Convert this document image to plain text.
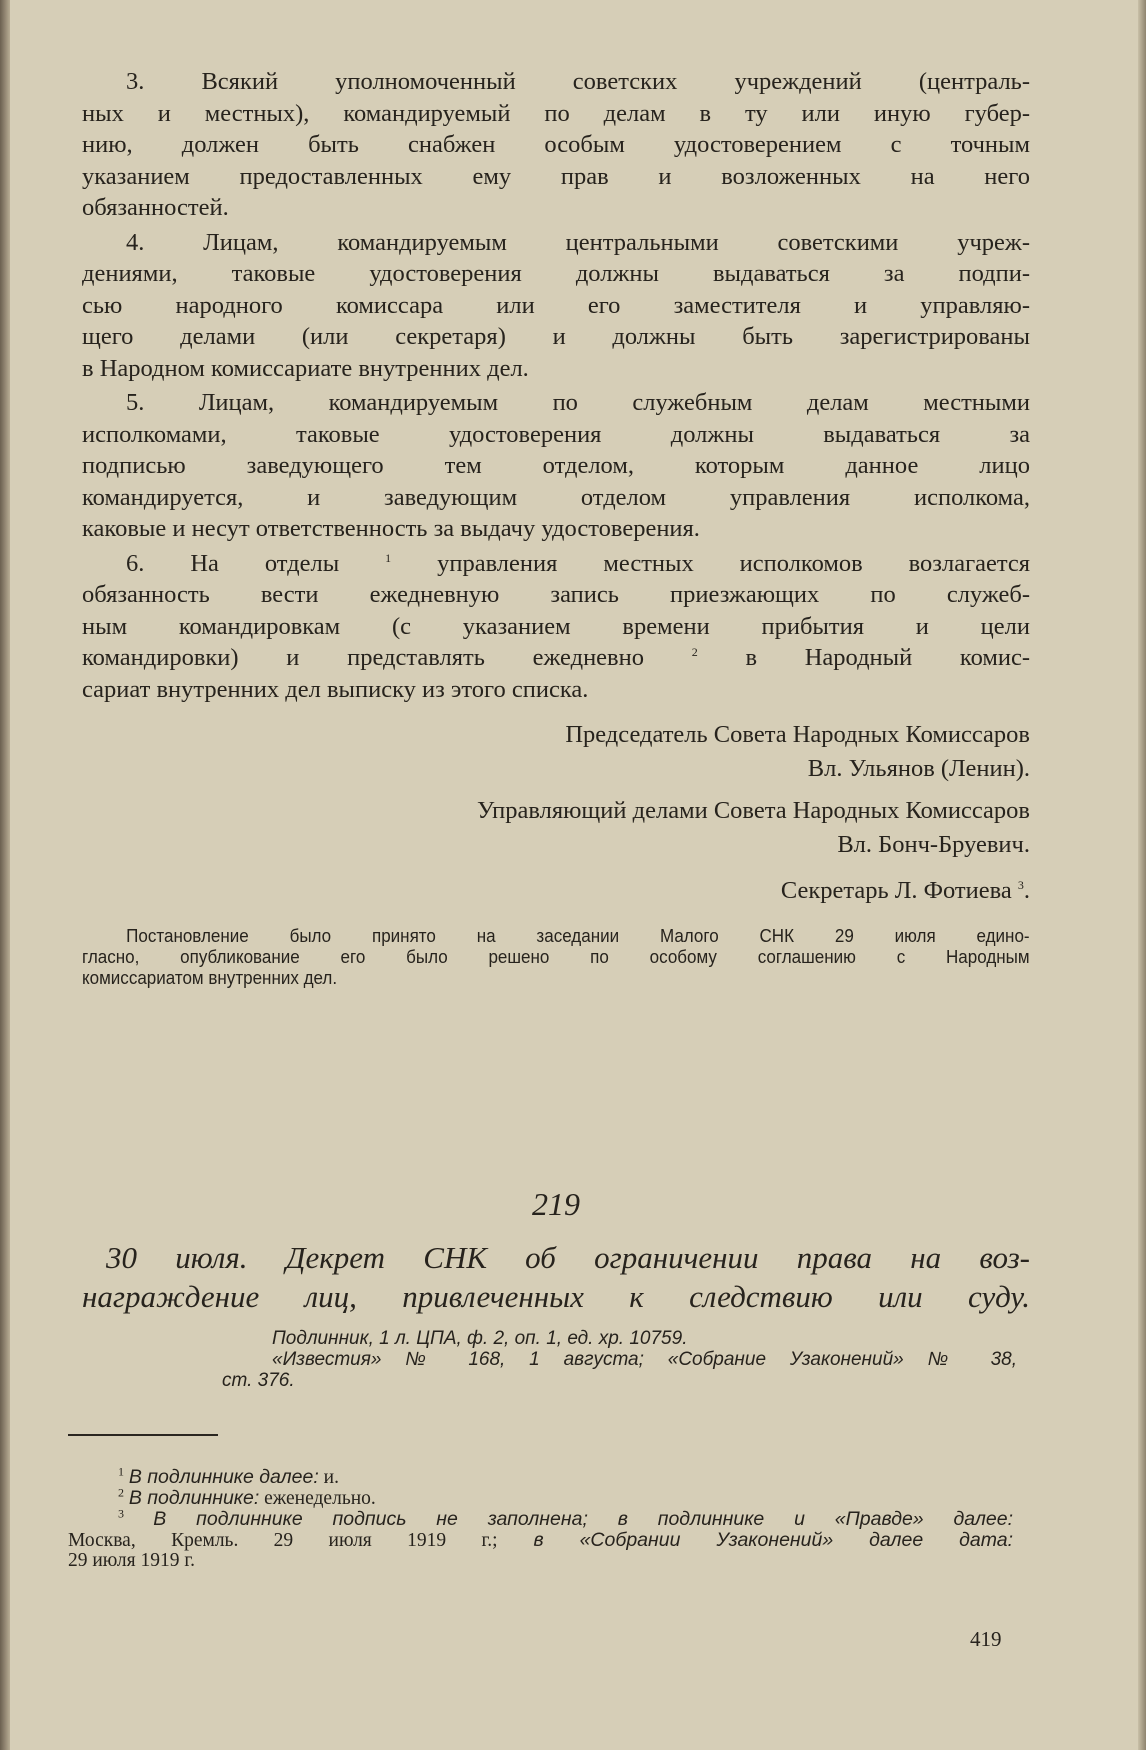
3. Всякий уполномоченный советских учреждений (централь-
ных и местных), командируемый по делам в ту или иную губер-
нию, должен быть снабжен особым удостоверением с точным
указанием предоставленных ему прав и возложенных на него
обязанностей.
4. Лицам, командируемым центральными советскими учреж-
дениями, таковые удостоверения должны выдаваться за подпи-
сью народного комиссара или его заместителя и управляю-
щего делами (или секретаря) и должны быть зарегистрированы
в Народном комиссариате внутренних дел.
5. Лицам, командируемым по служебным делам местными
исполкомами, таковые удостоверения должны выдаваться за
подписью заведующего тем отделом, которым данное лицо
командируется, и заведующим отделом управления исполкома,
каковые и несут ответственность за выдачу удостоверения.
6. На отделы	$^1$ управления местных исполкомов возлагается
обязанность вести ежедневную запись приезжающих по служеб-
ным командировкам (с указанием времени прибытия и цели
командировки) и представлять ежедневно	$^2$ в Народный комис-
сариат внутренних дел выписку из этого списка.
Председатель Совета Народных Комиссаров
Вл. Ульянов (Ленин).
Управляющий делами Совета Народных Комиссаров
Вл. Бонч-Бруевич.
Секретарь Л. Фотиева $^3$.
Постановление было принято на заседании Малого СНК 29 июля едино-
гласно, опубликование его было решено по особому соглашению с Народным
комиссариатом внутренних дел.
219
30 июля. Декрет СНК об ограничении права на воз-
награждение лиц, привлеченных к следствию или суду.
Подлинник, 1 л. ЦПА, ф. 2, оп. 1, ед. хр. 10759.
«Известия» № 168, 1 августа; «Собрание Узаконений» № 38,
ст. 376.
$^1$ В подлиннике далее: и.
$^2$ В подлиннике: еженедельно.
$^3$ В подлиннике подпись не заполнена; в подлиннике и «Правде» далее:
Москва, Кремль. 29 июля 1919 г.; в «Собрании Узаконений» далее дата:
29 июля 1919 г.
419
